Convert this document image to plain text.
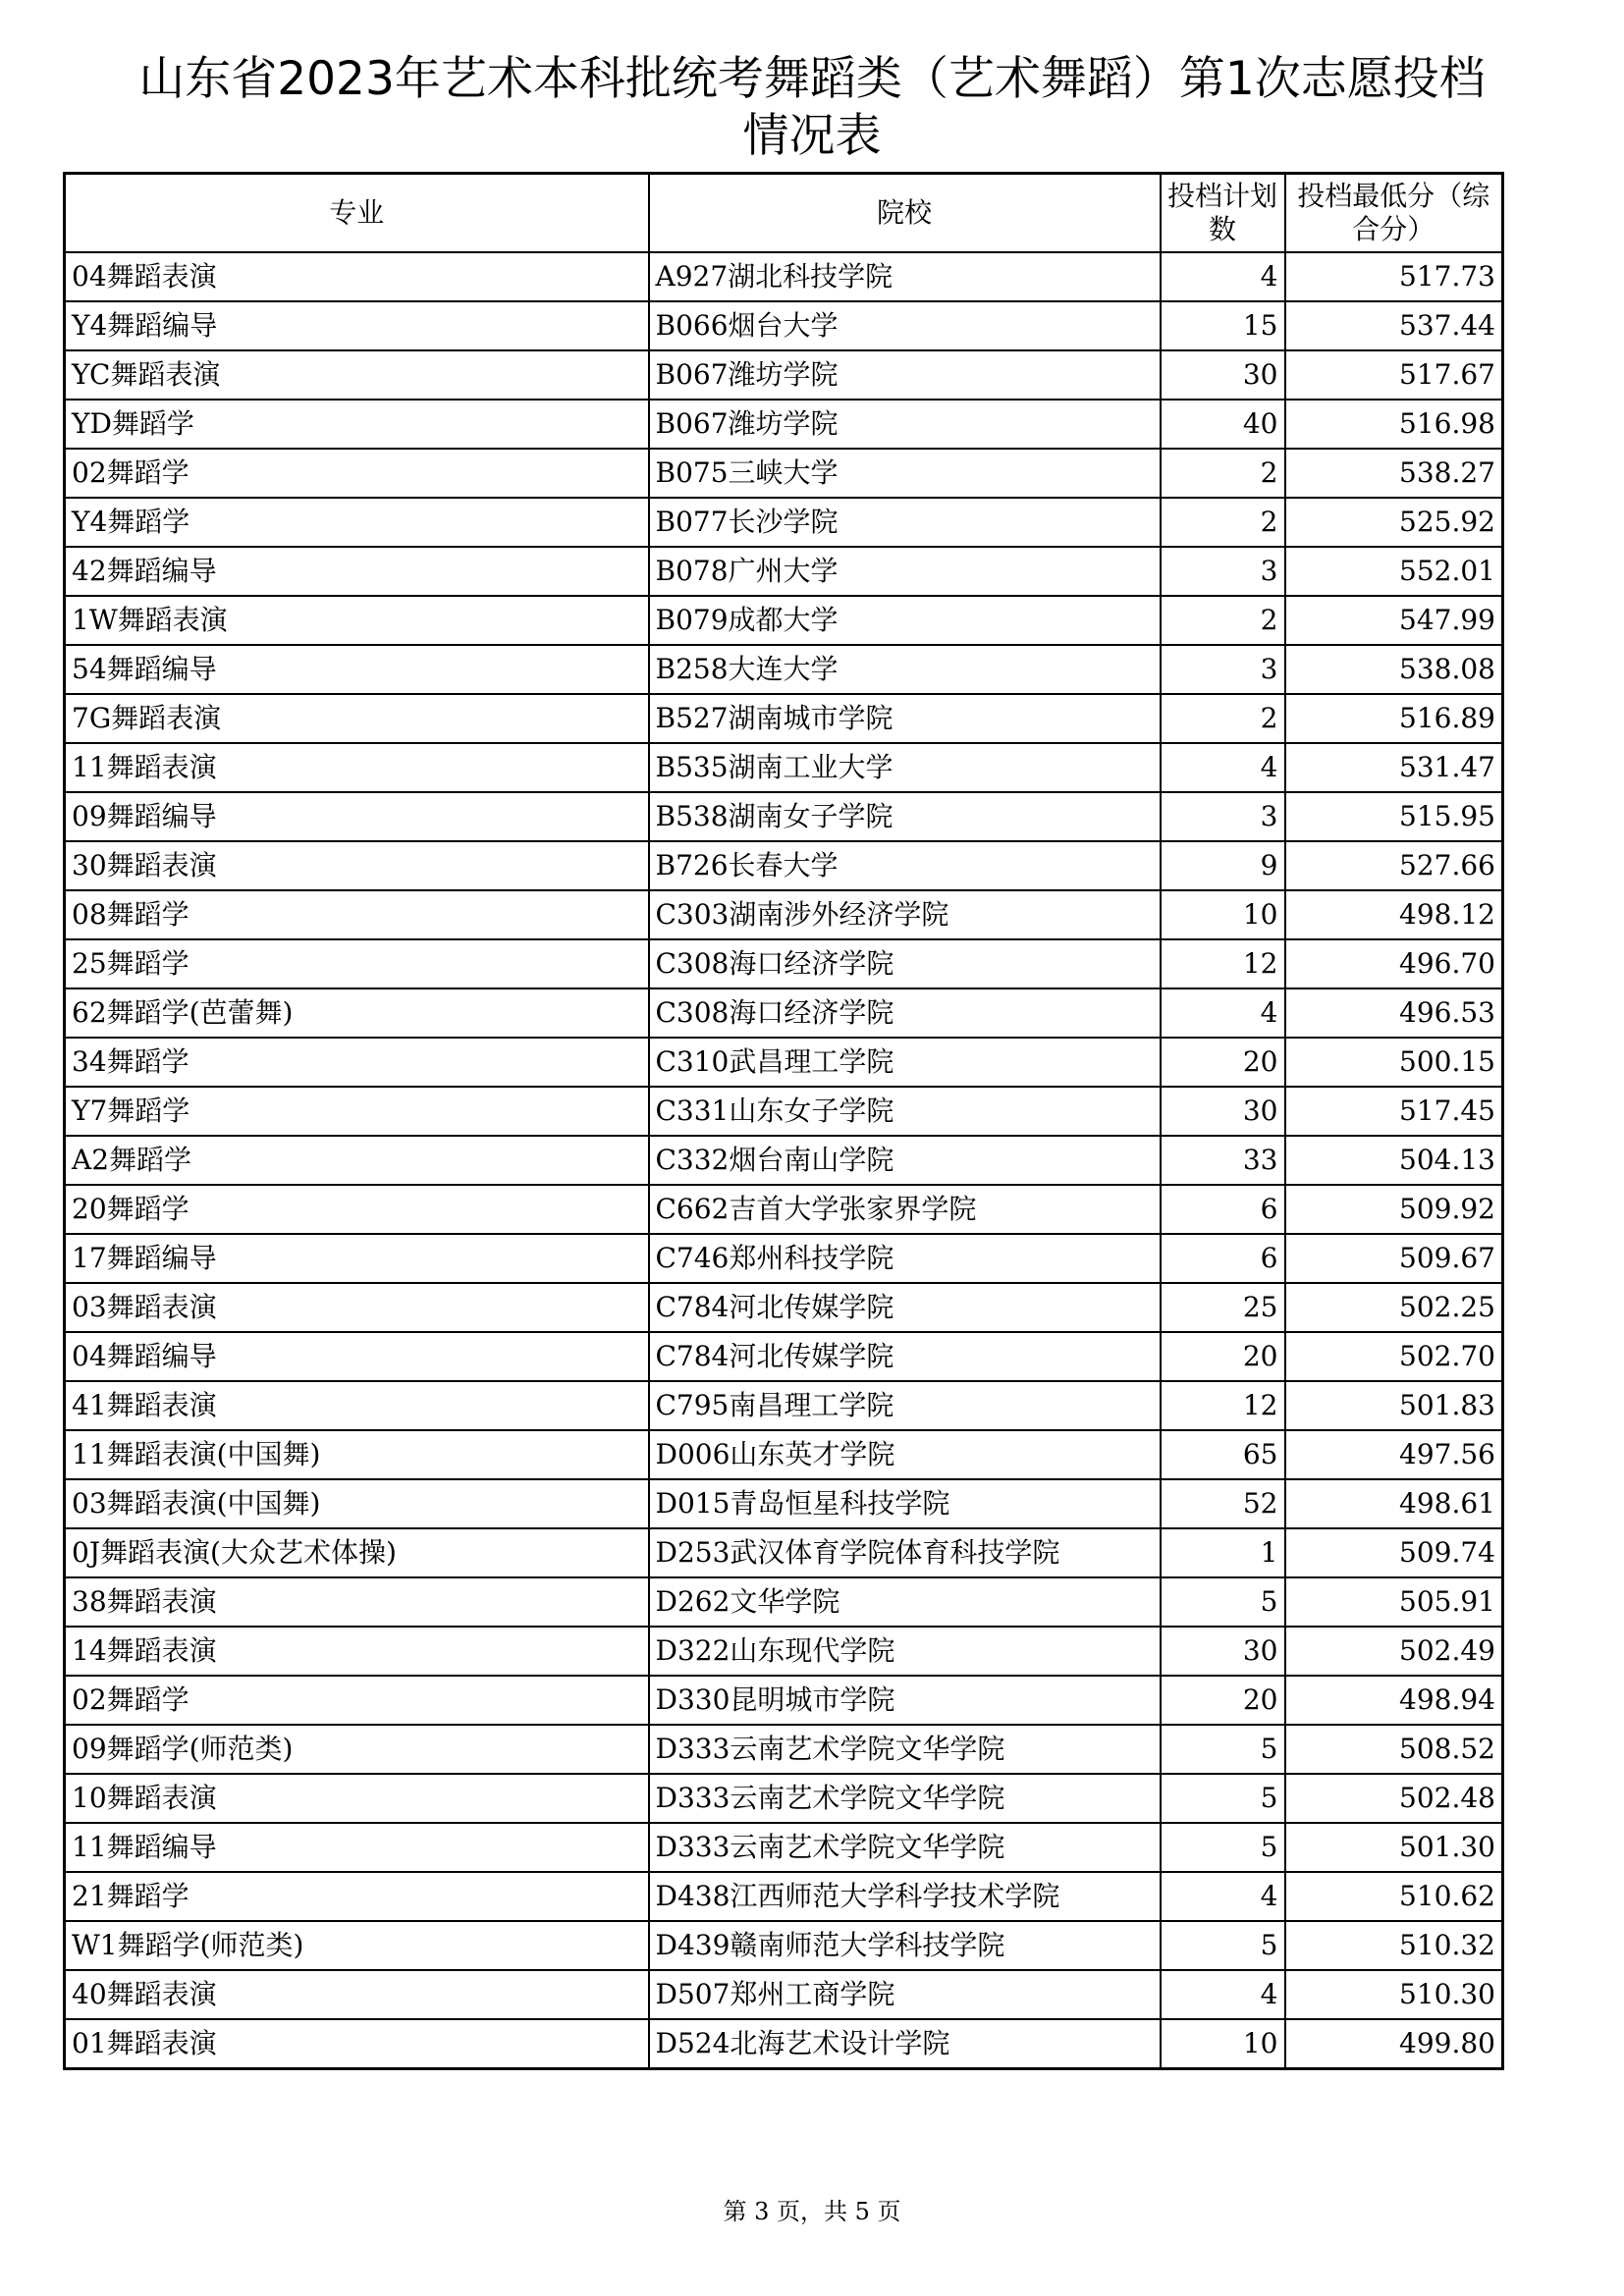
山东省2023年艺术本科批统考舞蹈类（艺术舞蹈）第1次志愿投档
情况表
专业	院校	投档计划数	投档最低分（综合分）
04舞蹈表演	A927湖北科技学院	4	517.73
Y4舞蹈编导	B066烟台大学	15	537.44
YC舞蹈表演	B067潍坊学院	30	517.67
YD舞蹈学	B067潍坊学院	40	516.98
02舞蹈学	B075三峡大学	2	538.27
Y4舞蹈学	B077长沙学院	2	525.92
42舞蹈编导	B078广州大学	3	552.01
1W舞蹈表演	B079成都大学	2	547.99
54舞蹈编导	B258大连大学	3	538.08
7G舞蹈表演	B527湖南城市学院	2	516.89
11舞蹈表演	B535湖南工业大学	4	531.47
09舞蹈编导	B538湖南女子学院	3	515.95
30舞蹈表演	B726长春大学	9	527.66
08舞蹈学	C303湖南涉外经济学院	10	498.12
25舞蹈学	C308海口经济学院	12	496.70
62舞蹈学(芭蕾舞)	C308海口经济学院	4	496.53
34舞蹈学	C310武昌理工学院	20	500.15
Y7舞蹈学	C331山东女子学院	30	517.45
A2舞蹈学	C332烟台南山学院	33	504.13
20舞蹈学	C662吉首大学张家界学院	6	509.92
17舞蹈编导	C746郑州科技学院	6	509.67
03舞蹈表演	C784河北传媒学院	25	502.25
04舞蹈编导	C784河北传媒学院	20	502.70
41舞蹈表演	C795南昌理工学院	12	501.83
11舞蹈表演(中国舞)	D006山东英才学院	65	497.56
03舞蹈表演(中国舞)	D015青岛恒星科技学院	52	498.61
0J舞蹈表演(大众艺术体操)	D253武汉体育学院体育科技学院	1	509.74
38舞蹈表演	D262文华学院	5	505.91
14舞蹈表演	D322山东现代学院	30	502.49
02舞蹈学	D330昆明城市学院	20	498.94
09舞蹈学(师范类)	D333云南艺术学院文华学院	5	508.52
10舞蹈表演	D333云南艺术学院文华学院	5	502.48
11舞蹈编导	D333云南艺术学院文华学院	5	501.30
21舞蹈学	D438江西师范大学科学技术学院	4	510.62
W1舞蹈学(师范类)	D439赣南师范大学科技学院	5	510.32
40舞蹈表演	D507郑州工商学院	4	510.30
01舞蹈表演	D524北海艺术设计学院	10	499.80
第 3 页，共 5 页
